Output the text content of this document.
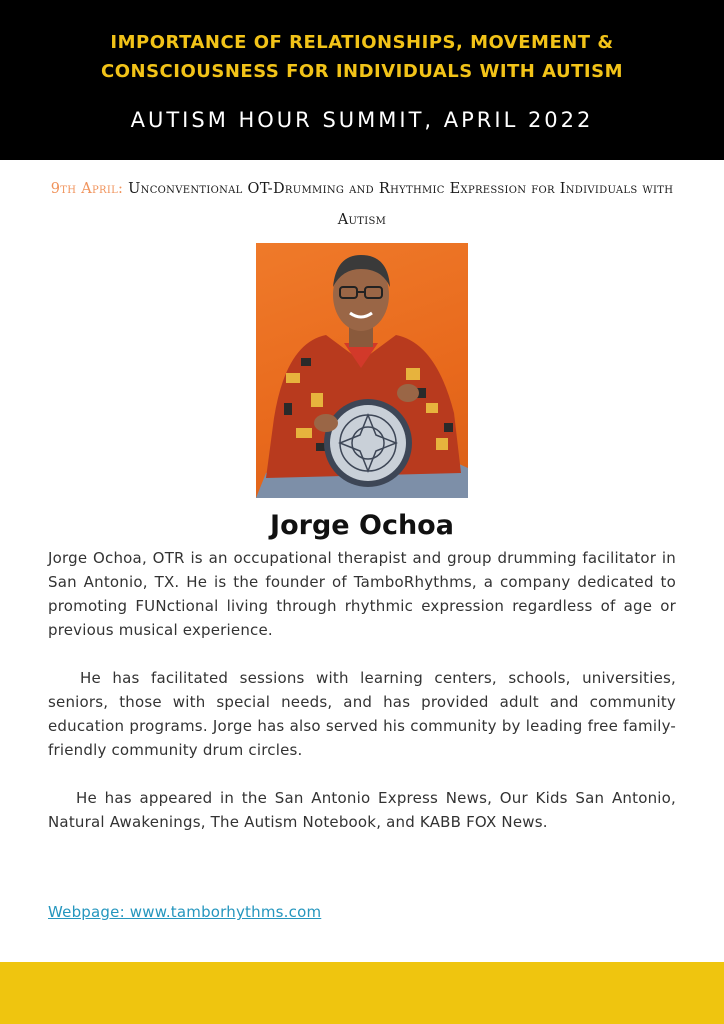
IMPORTANCE OF RELATIONSHIPS, MOVEMENT &
CONSCIOUSNESS FOR INDIVIDUALS WITH AUTISM
AUTISM HOUR SUMMIT, APRIL 2022
9th April: Unconventional OT-Drumming and Rhythmic Expression for Individuals with Autism
Jorge Ochoa

Jorge Ochoa, OTR is an occupational therapist and group drumming facilitator in San Antonio, TX. He is the founder of TamboRhythms, a company dedicated to promoting FUNctional living through rhythmic expression regardless of age or previous musical experience.

He has facilitated sessions with learning centers, schools, universities, seniors, those with special needs, and has provided adult and community education programs. Jorge has also served his community by leading free family-friendly community drum circles.

He has appeared in the San Antonio Express News, Our Kids San Antonio, Natural Awakenings, The Autism Notebook, and KABB FOX News.

Webpage: www.tamborhythms.com
